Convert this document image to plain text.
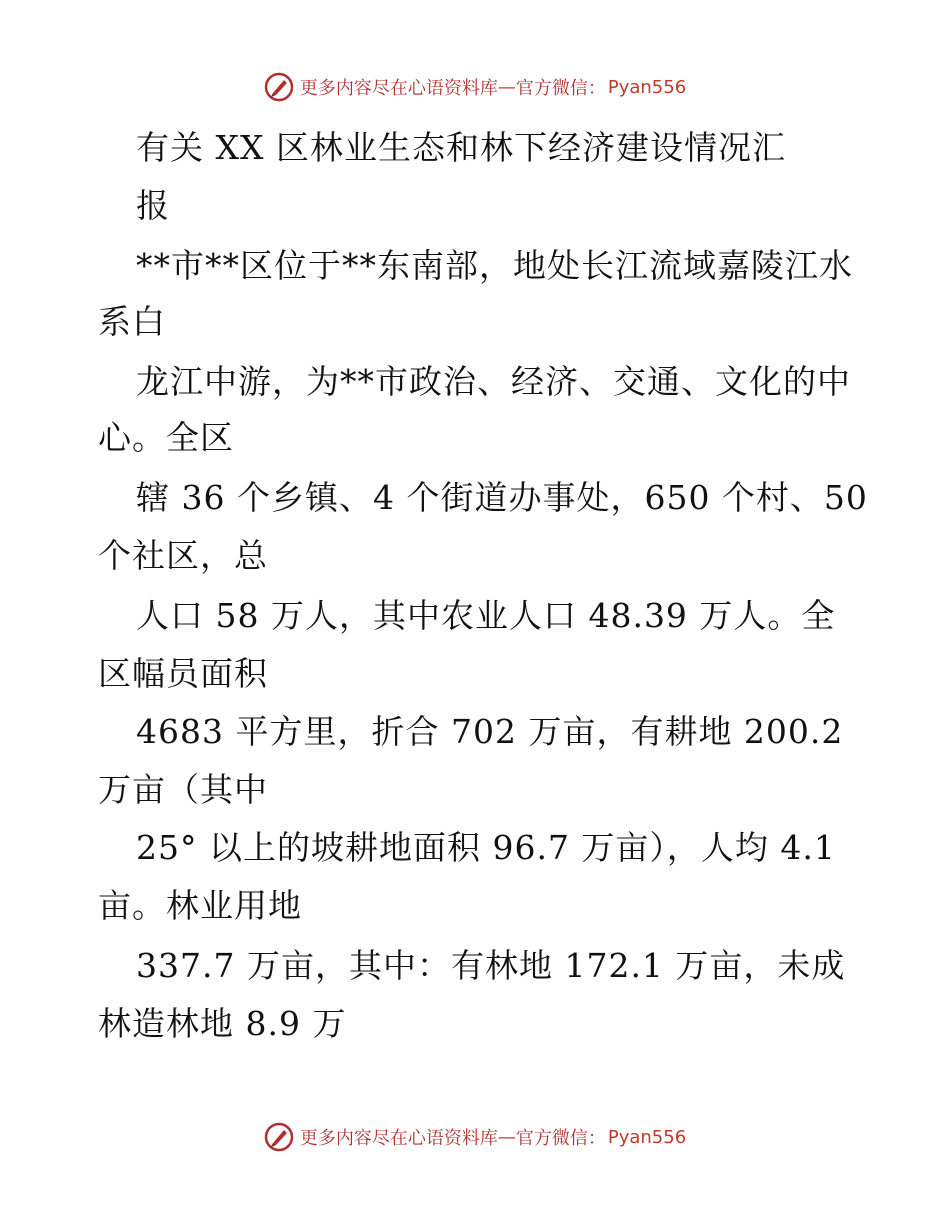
更多内容尽在心语资料库 — 官方微信： Pyan556
有关 XX 区林业生态和林下经济建设情况汇
报
**市**区位于**东南部，地处长江流域嘉陵江水
系白
龙江中游，为**市政治、经济、交通、文化的中
心。全区
辖 36 个乡镇、4 个街道办事处，650 个村、50
个社区，总
人口 58 万人，其中农业人口 48.39 万人。全
区幅员面积
4683 平方里，折合 702 万亩，有耕地 200.2
万亩（其中
25° 以上的坡耕地面积 96.7 万亩），人均 4.1
亩。林业用地
337.7 万亩，其中：有林地 172.1 万亩，未成
林造林地 8.9 万
更多内容尽在心语资料库 — 官方微信： Pyan556
